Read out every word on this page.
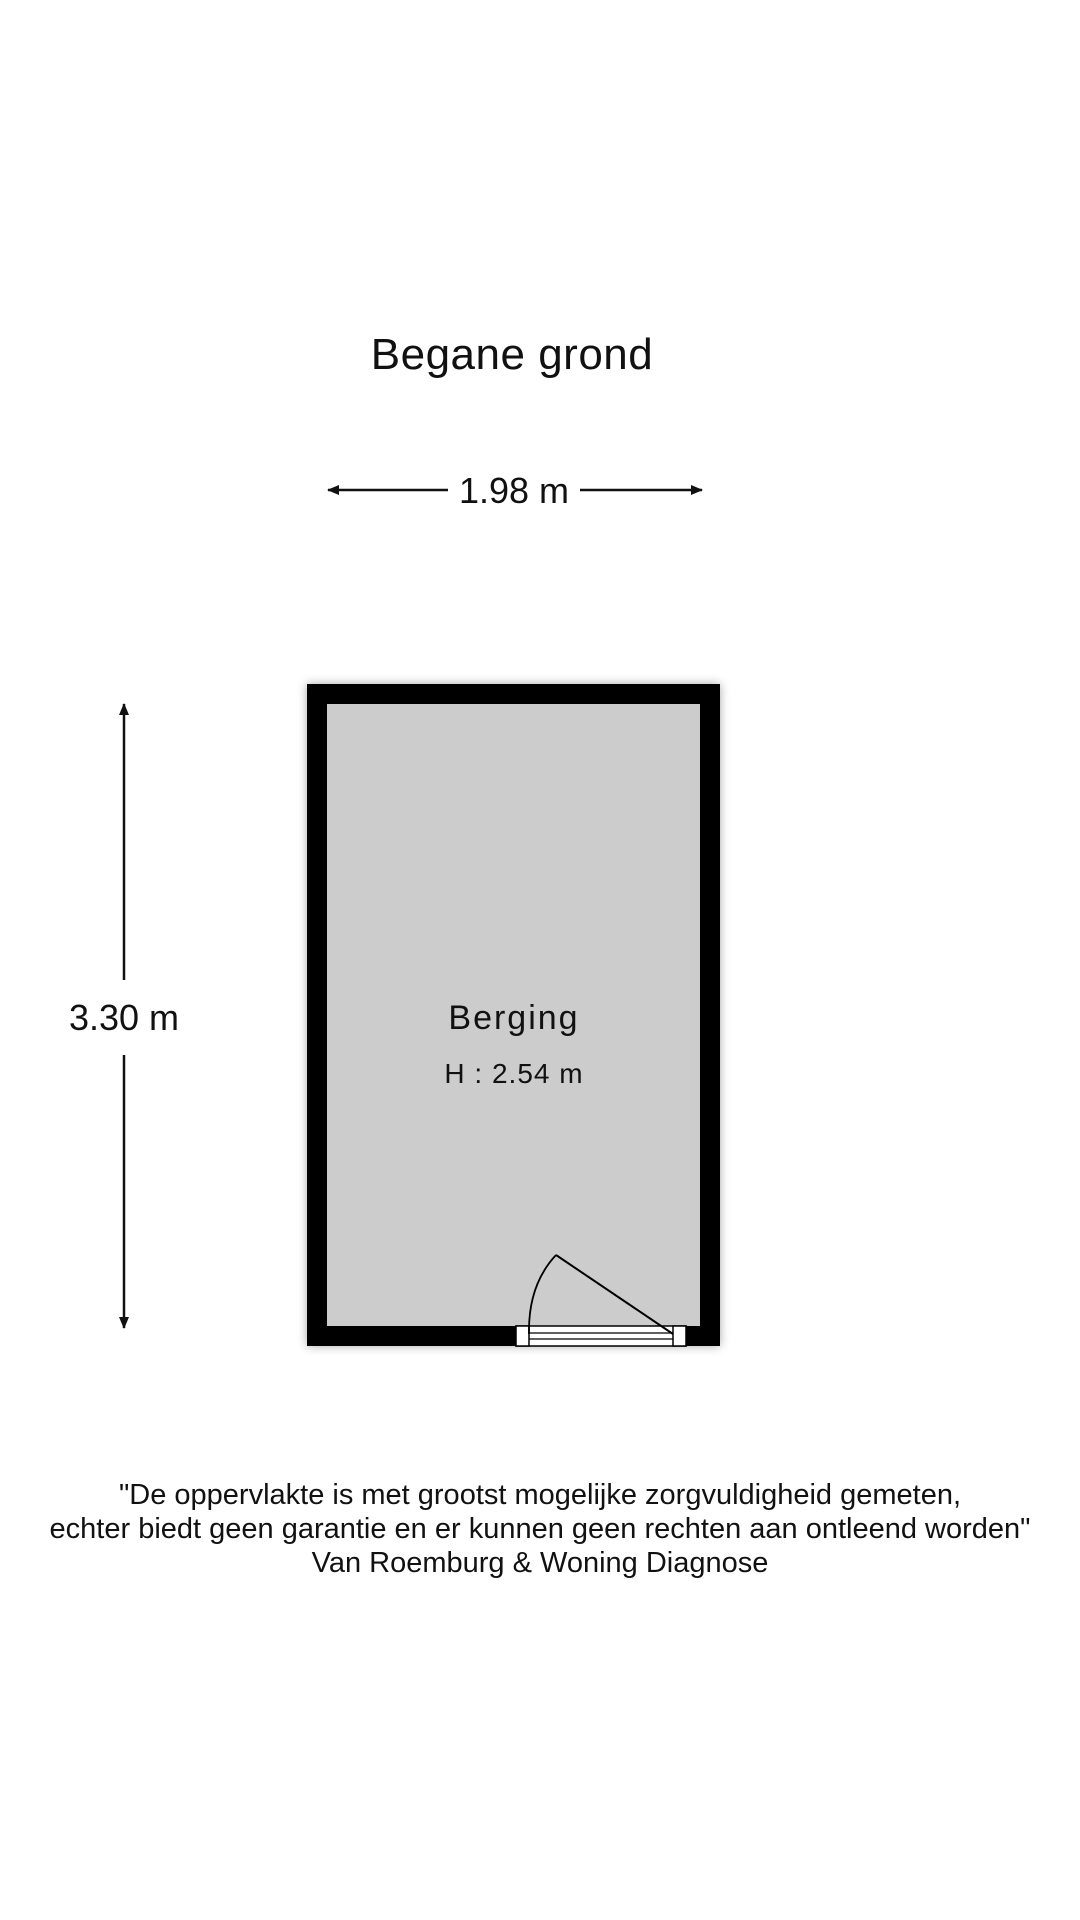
Begane grond
1.98 m
3.30 m	Berging
H : 2.54 m
"De oppervlakte is met grootst mogelijke zorgvuldigheid gemeten,
echter biedt geen garantie en er kunnen geen rechten aan ontleend worden"
Van Roemburg & Woning Diagnose
